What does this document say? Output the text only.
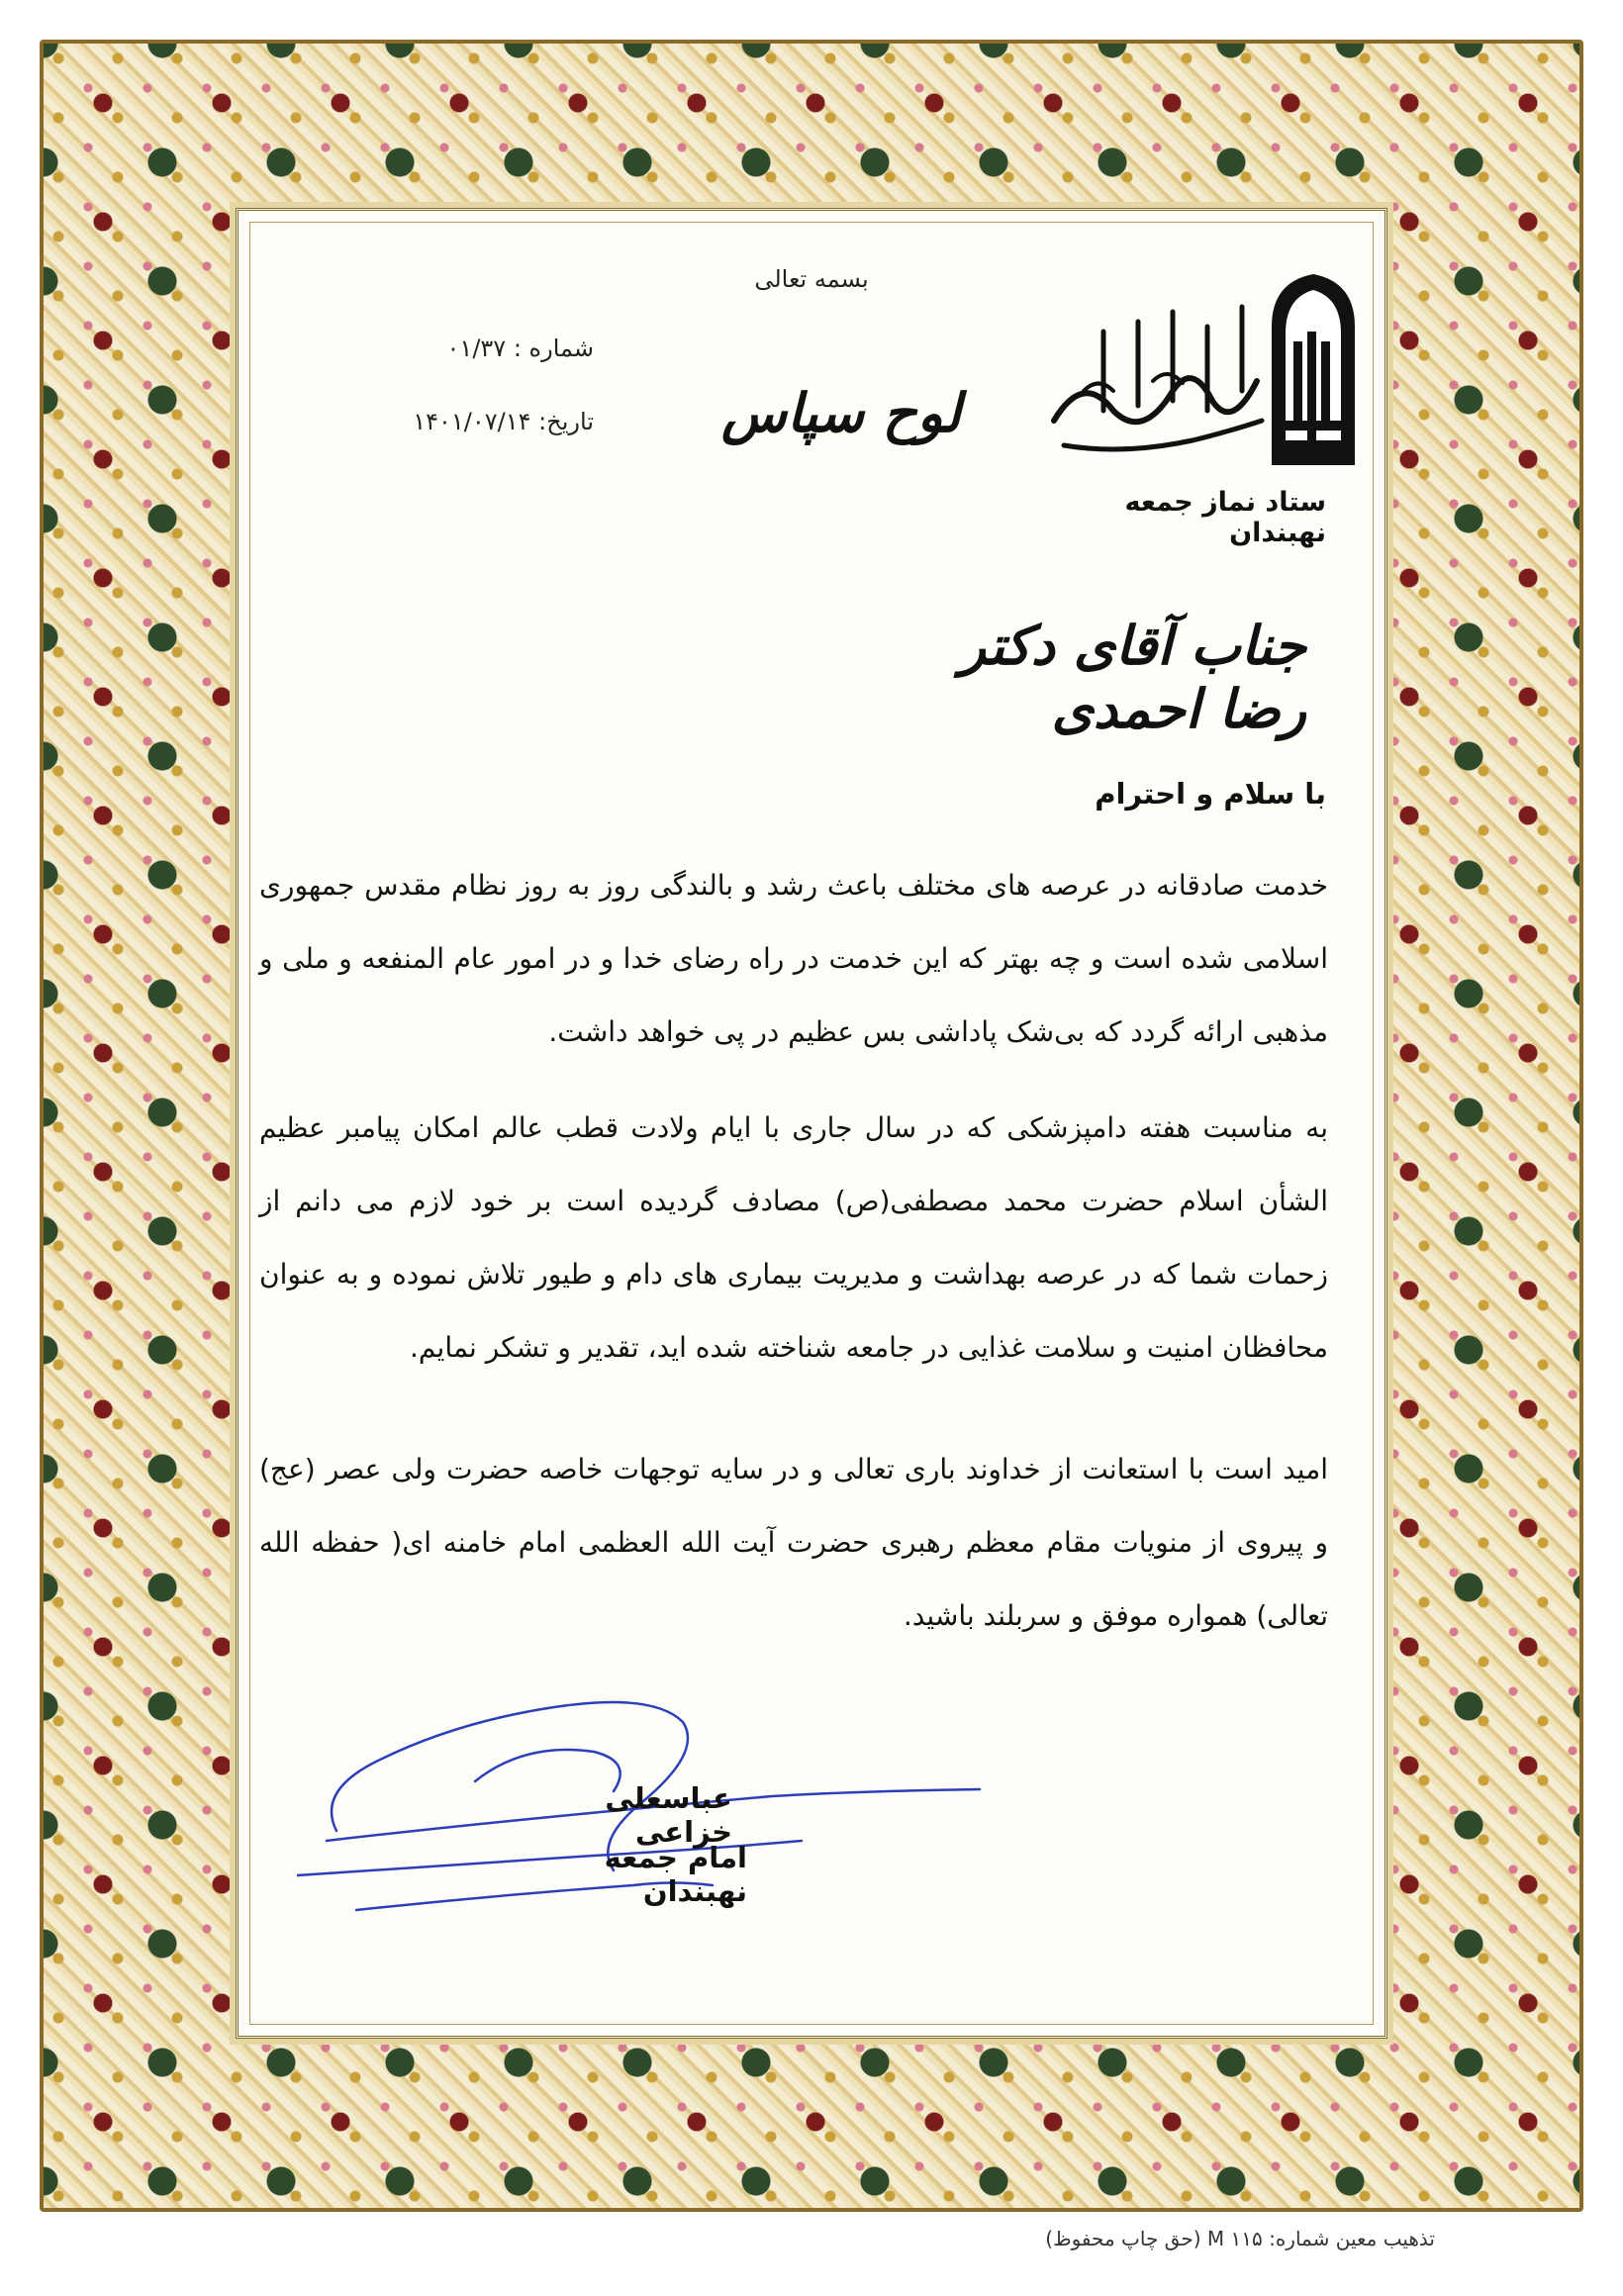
بسمه تعالی
شماره : ۰۱/۳۷
تاریخ: ۱۴۰۱/۰۷/۱۴ لوح سپاس
ستاد نماز جمعه نهبندان
جناب آقای دکتر رضا احمدی
با سلام و احترام
خدمت صادقانه در عرصه های مختلف باعث رشد و بالندگی روز به روز نظام مقدس جمهوری اسلامی شده است و چه بهتر که این خدمت در راه رضای خدا و در امور عام المنفعه و ملی و مذهبی ارائه گردد که بی‌شک پاداشی بس عظیم در پی خواهد داشت.
به مناسبت هفته دامپزشکی که در سال جاری با ایام ولادت قطب عالم امکان پیامبر عظیم الشأن اسلام حضرت محمد مصطفی(ص) مصادف گردیده است بر خود لازم می دانم از زحمات شما که در عرصه بهداشت و مدیریت بیماری های دام و طیور تلاش نموده و به عنوان محافظان امنیت و سلامت غذایی در جامعه شناخته شده اید، تقدیر و تشکر نمایم.
امید است با استعانت از خداوند باری تعالی و در سایه توجهات خاصه حضرت ولی عصر (عج) و پیروی از منویات مقام معظم رهبری حضرت آیت الله العظمی امام خامنه ای( حفظه الله تعالی) همواره موفق و سربلند باشید.
عباسعلی خزاعی
امام جمعه نهبندان
تذهیب معین شماره: M ۱۱۵ (حق چاپ محفوظ)
